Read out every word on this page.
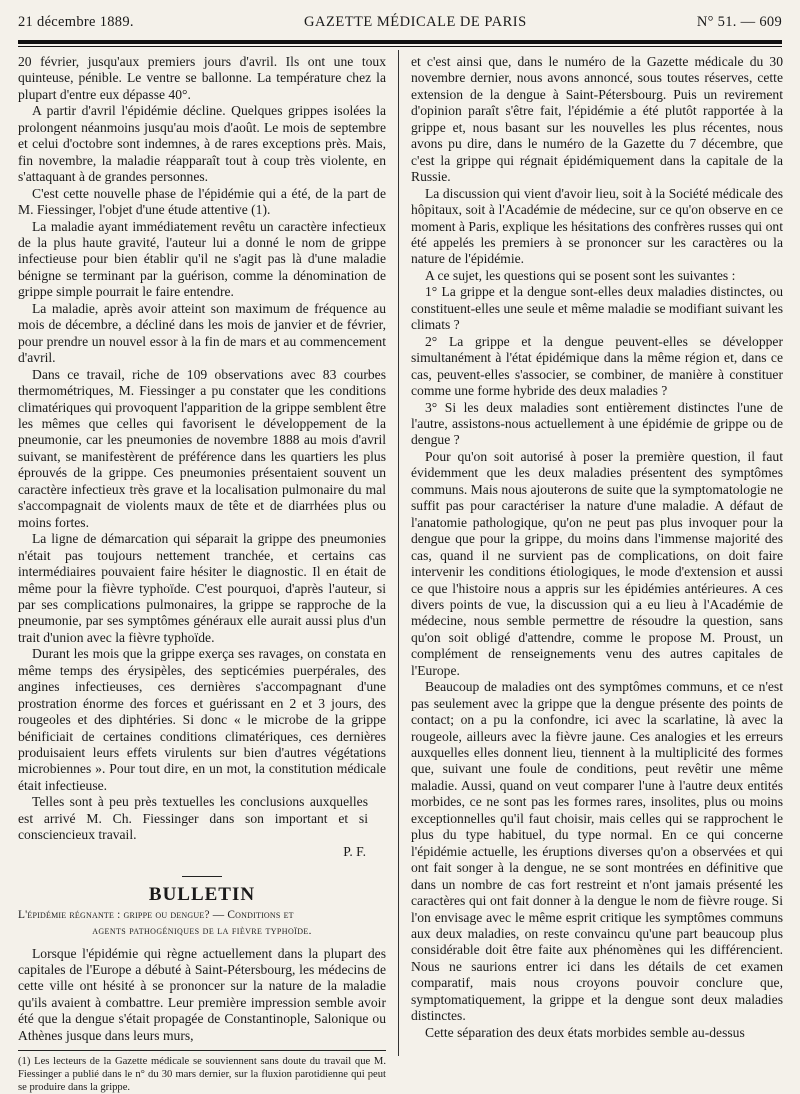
21 décembre 1889.	GAZETTE MÉDICALE DE PARIS	N° 51. — 609

20 février, jusqu'aux premiers jours d'avril. Ils ont une toux quinteuse, pénible. Le ventre se ballonne. La température chez la plupart d'entre eux dépasse 40°.

A partir d'avril l'épidémie décline. Quelques grippes isolées la prolongent néanmoins jusqu'au mois d'août. Le mois de septembre et celui d'octobre sont indemnes, à de rares exceptions près. Mais, fin novembre, la maladie réapparaît tout à coup très violente, en s'attaquant à de grandes personnes.

C'est cette nouvelle phase de l'épidémie qui a été, de la part de M. Fiessinger, l'objet d'une étude attentive (1).

La maladie ayant immédiatement revêtu un caractère infectieux de la plus haute gravité, l'auteur lui a donné le nom de grippe infectieuse pour bien établir qu'il ne s'agit pas là d'une maladie bénigne se terminant par la guérison, comme la dénomination de grippe simple pourrait le faire entendre.

La maladie, après avoir atteint son maximum de fréquence au mois de décembre, a décliné dans les mois de janvier et de février, pour prendre un nouvel essor à la fin de mars et au commencement d'avril.

Dans ce travail, riche de 109 observations avec 83 courbes thermométriques, M. Fiessinger a pu constater que les conditions climatériques qui provoquent l'apparition de la grippe semblent être les mêmes que celles qui favorisent le développement de la pneumonie, car les pneumonies de novembre 1888 au mois d'avril suivant, se manifestèrent de préférence dans les quartiers les plus éprouvés de la grippe. Ces pneumonies présentaient souvent un caractère infectieux très grave et la localisation pulmonaire du mal s'accompagnait de violents maux de tête et de diarrhées plus ou moins fortes.

La ligne de démarcation qui séparait la grippe des pneumonies n'était pas toujours nettement tranchée, et certains cas intermédiaires pouvaient faire hésiter le diagnostic. Il en était de même pour la fièvre typhoïde. C'est pourquoi, d'après l'auteur, si par ses complications pulmonaires, la grippe se rapproche de la pneumonie, par ses symptômes généraux elle aurait aussi plus d'un trait d'union avec la fièvre typhoïde.

Durant les mois que la grippe exerça ses ravages, on constata en même temps des érysipèles, des septicémies puerpérales, des angines infectieuses, ces dernières s'accompagnant d'une prostration énorme des forces et guérissant en 2 et 3 jours, des rougeoles et des diphtéries. Si donc « le microbe de la grippe bénificiait de certaines conditions climatériques, ces dernières produisaient leurs effets virulents sur bien d'autres végétations microbiennes ». Pour tout dire, en un mot, la constitution médicale était infectieuse.

Telles sont à peu près textuelles les conclusions auxquelles est arrivé M. Ch. Fiessinger dans son important et si consciencieux travail.

P. F.
BULLETIN
L'épidémie régnante : grippe ou dengue? — Conditions et
agents pathogéniques de la fièvre typhoïde.

Lorsque l'épidémie qui règne actuellement dans la plupart des capitales de l'Europe a débuté à Saint-Pétersbourg, les médecins de cette ville ont hésité à se prononcer sur la nature de la maladie qu'ils avaient à combattre. Leur première impression semble avoir été que la dengue s'était propagée de Constantinople, Salonique ou Athènes jusque dans leurs murs,

(1) Les lecteurs de la Gazette médicale se souviennent sans doute du travail que M. Fiessinger a publié dans le n° du 30 mars dernier, sur la fluxion parotidienne qui peut se produire dans la grippe.

et c'est ainsi que, dans le numéro de la Gazette médicale du 30 novembre dernier, nous avons annoncé, sous toutes réserves, cette extension de la dengue à Saint-Pétersbourg. Puis un revirement d'opinion paraît s'être fait, l'épidémie a été plutôt rapportée à la grippe et, nous basant sur les nouvelles les plus récentes, nous avons pu dire, dans le numéro de la Gazette du 7 décembre, que c'est la grippe qui régnait épidémiquement dans la capitale de la Russie.

La discussion qui vient d'avoir lieu, soit à la Société médicale des hôpitaux, soit à l'Académie de médecine, sur ce qu'on observe en ce moment à Paris, explique les hésitations des confrères russes qui ont été appelés les premiers à se prononcer sur les caractères ou la nature de l'épidémie.

A ce sujet, les questions qui se posent sont les suivantes :

1° La grippe et la dengue sont-elles deux maladies distinctes, ou constituent-elles une seule et même maladie se modifiant suivant les climats ?

2° La grippe et la dengue peuvent-elles se développer simultanément à l'état épidémique dans la même région et, dans ce cas, peuvent-elles s'associer, se combiner, de manière à constituer comme une forme hybride des deux maladies ?

3° Si les deux maladies sont entièrement distinctes l'une de l'autre, assistons-nous actuellement à une épidémie de grippe ou de dengue ?

Pour qu'on soit autorisé à poser la première question, il faut évidemment que les deux maladies présentent des symptômes communs. Mais nous ajouterons de suite que la symptomatologie ne suffit pas pour caractériser la nature d'une maladie. A défaut de l'anatomie pathologique, qu'on ne peut pas plus invoquer pour la dengue que pour la grippe, du moins dans l'immense majorité des cas, quand il ne survient pas de complications, on doit faire intervenir les conditions étiologiques, le mode d'extension et aussi ce que l'histoire nous a appris sur les épidémies antérieures. A ces divers points de vue, la discussion qui a eu lieu à l'Académie de médecine, nous semble permettre de résoudre la question, sans qu'on soit obligé d'attendre, comme le propose M. Proust, un complément de renseignements venu des autres capitales de l'Europe.

Beaucoup de maladies ont des symptômes communs, et ce n'est pas seulement avec la grippe que la dengue présente des points de contact; on a pu la confondre, ici avec la scarlatine, là avec la rougeole, ailleurs avec la fièvre jaune. Ces analogies et les erreurs auxquelles elles donnent lieu, tiennent à la multiplicité des formes que, suivant une foule de conditions, peut revêtir une même maladie. Aussi, quand on veut comparer l'une à l'autre deux entités morbides, ce ne sont pas les formes rares, insolites, plus ou moins exceptionnelles qu'il faut choisir, mais celles qui se rapprochent le plus du type habituel, du type normal. En ce qui concerne l'épidémie actuelle, les éruptions diverses qu'on a observées et qui ont fait songer à la dengue, ne se sont montrées en définitive que dans un nombre de cas fort restreint et n'ont jamais présenté les caractères qui ont fait donner à la dengue le nom de fièvre rouge. Si l'on envisage avec le même esprit critique les symptômes communs aux deux maladies, on reste convaincu qu'une part beaucoup plus considérable doit être faite aux phénomènes qui les différencient. Nous ne saurions entrer ici dans les détails de cet examen comparatif, mais nous croyons pouvoir conclure que, symptomatiquement, la grippe et la dengue sont deux maladies distinctes.

Cette séparation des deux états morbides semble au-dessus
